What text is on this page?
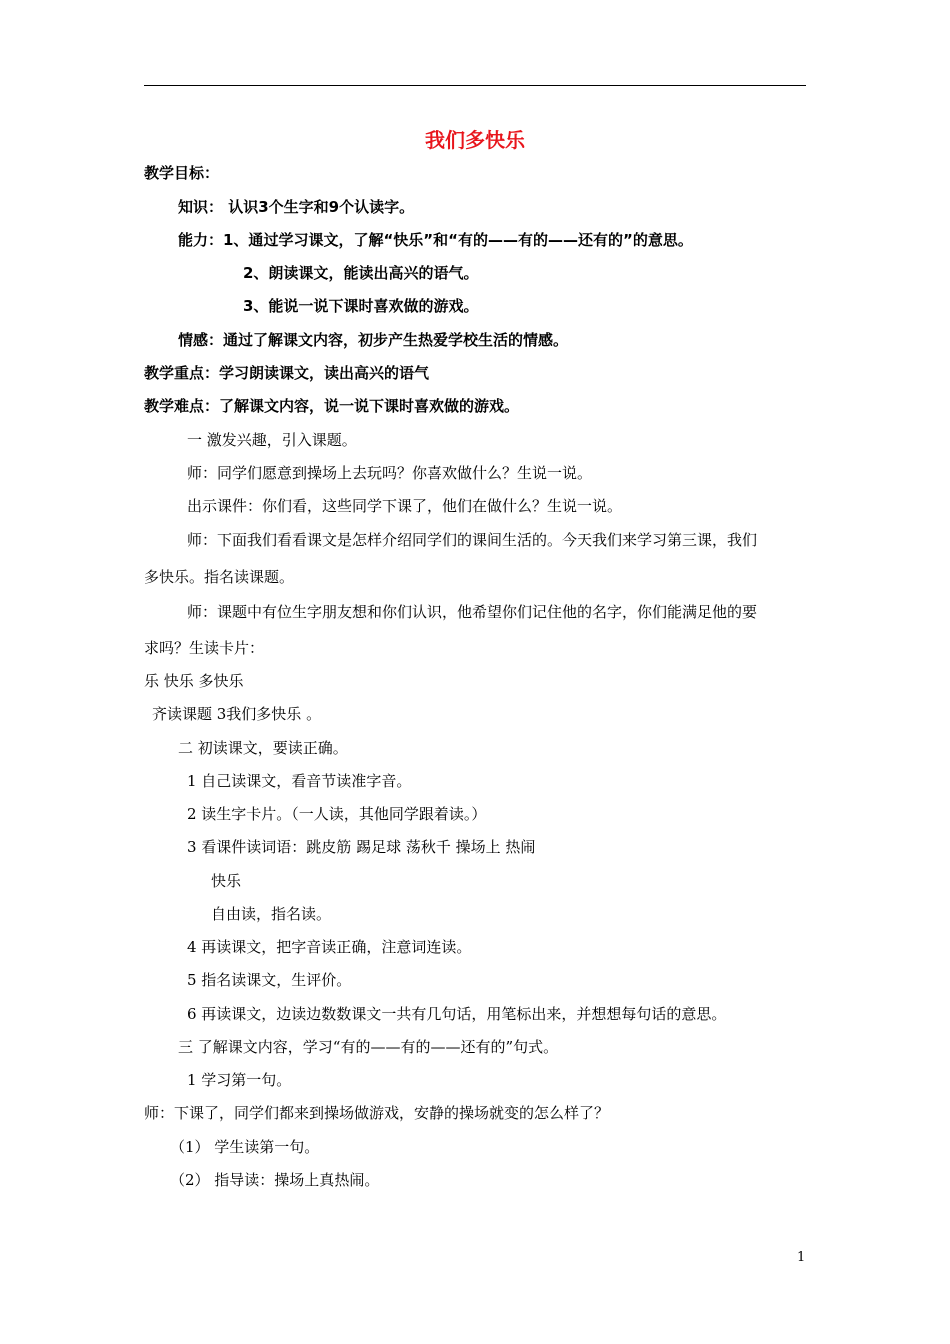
我们多快乐
教学目标：
知识： 认识3个生字和9个认读字。
能力：1、通过学习课文，了解“快乐”和“有的——有的——还有的”的意思。
2、朗读课文，能读出高兴的语气。
3、能说一说下课时喜欢做的游戏。
情感：通过了解课文内容，初步产生热爱学校生活的情感。
教学重点：学习朗读课文，读出高兴的语气
教学难点：了解课文内容，说一说下课时喜欢做的游戏。
一 激发兴趣，引入课题。
师：同学们愿意到操场上去玩吗？你喜欢做什么？生说一说。
出示课件：你们看，这些同学下课了，他们在做什么？生说一说。
师：下面我们看看课文是怎样介绍同学们的课间生活的。今天我们来学习第三课，我们
多快乐。指名读课题。
师：课题中有位生字朋友想和你们认识，他希望你们记住他的名字，你们能满足他的要
求吗？生读卡片：
乐 快乐 多快乐
齐读课题 3我们多快乐 。
二 初读课文，要读正确。
1 自己读课文，看音节读准字音。
2 读生字卡片。（一人读，其他同学跟着读。）
3 看课件读词语：跳皮筋 踢足球 荡秋千 操场上 热闹
快乐
自由读，指名读。
4 再读课文，把字音读正确，注意词连读。
5 指名读课文，生评价。
6 再读课文，边读边数数课文一共有几句话，用笔标出来，并想想每句话的意思。
三 了解课文内容，学习“有的——有的——还有的”句式。
1 学习第一句。
师：下课了，同学们都来到操场做游戏，安静的操场就变的怎么样了？
（1） 学生读第一句。
（2） 指导读：操场上真热闹。
1
